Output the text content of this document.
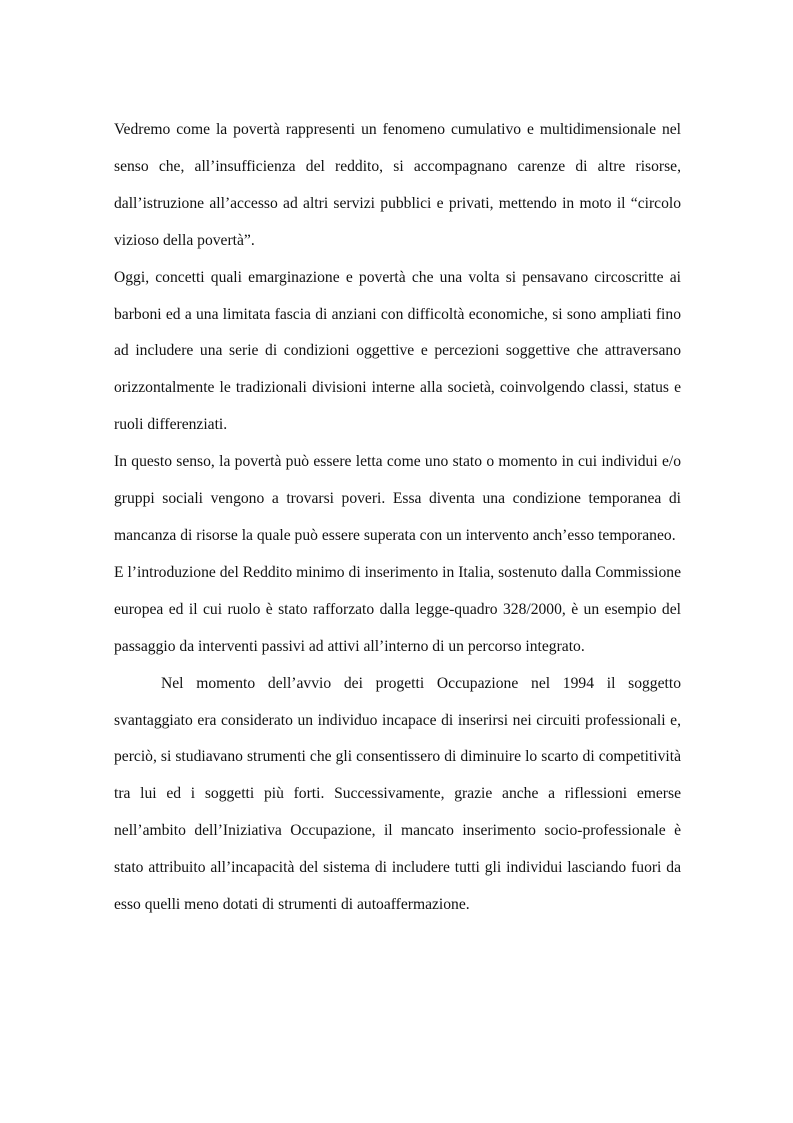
Vedremo come la povertà rappresenti un fenomeno cumulativo e multidimensionale nel senso che, all’insufficienza del reddito, si accompagnano carenze di altre risorse, dall’istruzione all’accesso ad altri servizi pubblici e privati, mettendo in moto il “circolo vizioso della povertà”.

Oggi, concetti quali emarginazione e povertà che una volta si pensavano circoscritte ai barboni ed a una limitata fascia di anziani con difficoltà economiche, si sono ampliati fino ad includere una serie di condizioni oggettive e percezioni soggettive che attraversano orizzontalmente le tradizionali divisioni interne alla società, coinvolgendo classi, status e ruoli differenziati.

In questo senso, la povertà può essere letta come uno stato o momento in cui individui e/o gruppi sociali vengono a trovarsi poveri. Essa diventa una condizione temporanea di mancanza di risorse la quale può essere superata con un intervento anch’esso temporaneo.

E l’introduzione del Reddito minimo di inserimento in Italia, sostenuto dalla Commissione europea ed il cui ruolo è stato rafforzato dalla legge-quadro 328/2000, è un esempio del passaggio da interventi passivi ad attivi all’interno di un percorso integrato.

Nel momento dell’avvio dei progetti Occupazione nel 1994 il soggetto svantaggiato era considerato un individuo incapace di inserirsi nei circuiti professionali e, perciò, si studiavano strumenti che gli consentissero di diminuire lo scarto di competitività tra lui ed i soggetti più forti. Successivamente, grazie anche a riflessioni emerse nell’ambito dell’Iniziativa Occupazione, il mancato inserimento socio-professionale è stato attribuito all’incapacità del sistema di includere tutti gli individui lasciando fuori da esso quelli meno dotati di strumenti di autoaffermazione.
